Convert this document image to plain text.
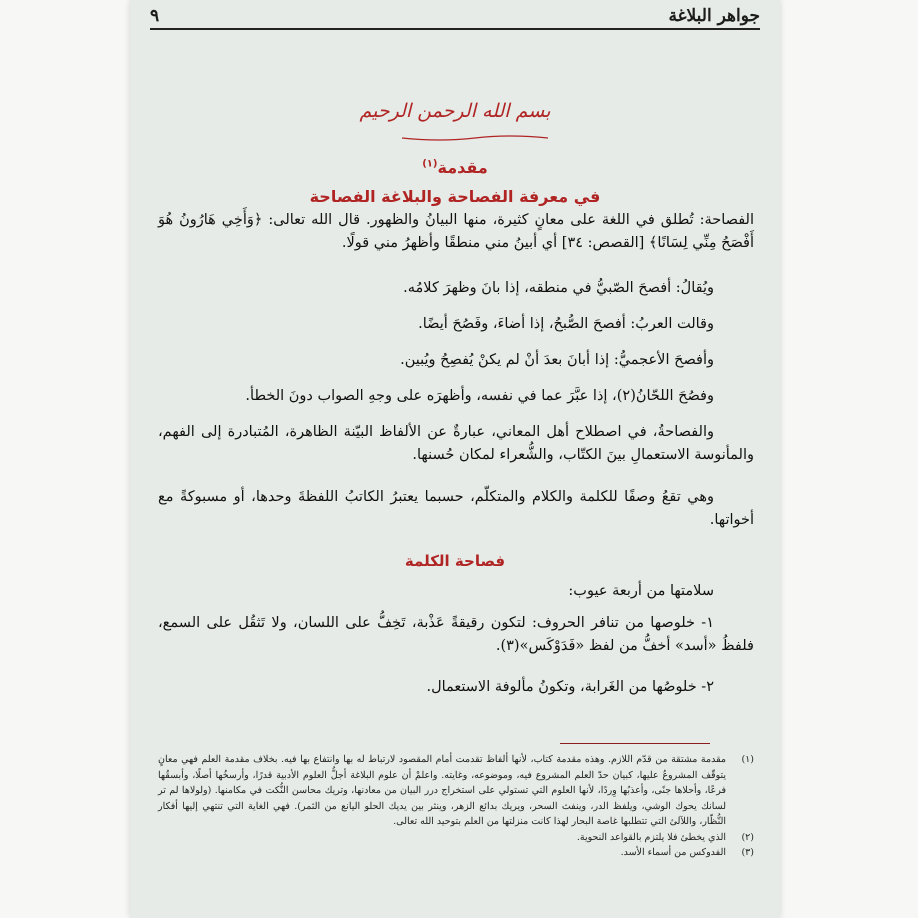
جواهر البلاغة
٩
بسم الله الرحمن الرحيم
مقدمة$^{(١)}$
في معرفة الفصاحة والبلاغة الفصاحة
الفصاحة: تُطلق في اللغة على معانٍ كثيرة، منها البيانُ والظهور. قال الله تعالى: ﴿وَأَخِي هَارُونُ هُوَ أَفْصَحُ مِنِّي لِسَانًا﴾ [القصص: ٣٤] أي أبينُ مني منطقًا وأظهرُ مني قولًا.
ويُقالُ: أفصحَ الصّبيُّ في منطقه، إذا بانَ وظهرَ كلامُه.
وقالت العربُ: أفصحَ الصُّبحُ، إذا أضاءَ، وفَصُحَ أيضًا.
وأفصحَ الأعجميُّ: إذا أبانَ بعدَ أنْ لم يكنْ يُفصِحُ ويُبين.
وفصُحَ اللحّانُ(٢)، إذا عبَّرَ عما في نفسه، وأظهرَه على وجهِ الصواب دونَ الخطأ.
والفصاحةُ، في اصطلاح أهل المعاني، عبارةٌ عن الألفاظ البيّنة الظاهرة، المُتبادرة إلى الفهم، والمأنوسة الاستعمالِ بينَ الكتّاب، والشُّعراء لمكان حُسنها.
وهي تقعُ وصفًا للكلمة والكلام والمتكلّم، حسبما يعتبرُ الكاتبُ اللفظةَ وحدها، أو مسبوكةً مع أخواتها.
فصاحة الكلمة
سلامتها من أربعة عيوب:
١- خلوصها من تنافر الحروف: لتكون رقيقةً عَذْبة، تَخِفُّ على اللسان، ولا تَثقُل على السمع، فلفظُ «أسد» أخفُّ من لفظ «فَدَوْكَس»(٣).
٢- خلوصُها من الغَرابة، وتكونُ مألوفة الاستعمال.
(١)
مقدمة مشتقة من قدّم اللازم. وهذه مقدمة كتاب، لأنها ألفاظ تقدمت أمام المقصود لارتباط له بها وانتفاع بها فيه. بخلاف مقدمة العلم فهي معانٍ يتوقّف المشروعُ عليها، كبيان حدّ العلم المشروع فيه، وموضوعه، وغايته. واعلمْ أن علوم البلاغة أجلُّ العلوم الأدبية قدرًا، وأرسخُها أصلًا، وأبسقُها فرعًا، وأحلاها جنًى، وأعذبُها وِردًا، لأنها العلوم التي تستولي على استخراج درر البيان من معادنها، وتريك محاسن النُّكت في مكامنها. (ولولاها لم تر لسانك يحوك الوشي، ويلفظ الدر، وينفث السحر، ويريك بدائع الزهر، وينثر بين يديك الحلو اليانع من الثمر). فهي الغاية التي تنتهي إليها أفكار النُّظّار، واللآلئ التي تتطلبها غاصة البحار لهذا كانت منزلتها من العلم بتوحيد الله تعالى.
(٢)
الذي يخطئ فلا يلتزم بالقواعد النحوية.
(٣)
الفدوكس من أسماء الأسد.
